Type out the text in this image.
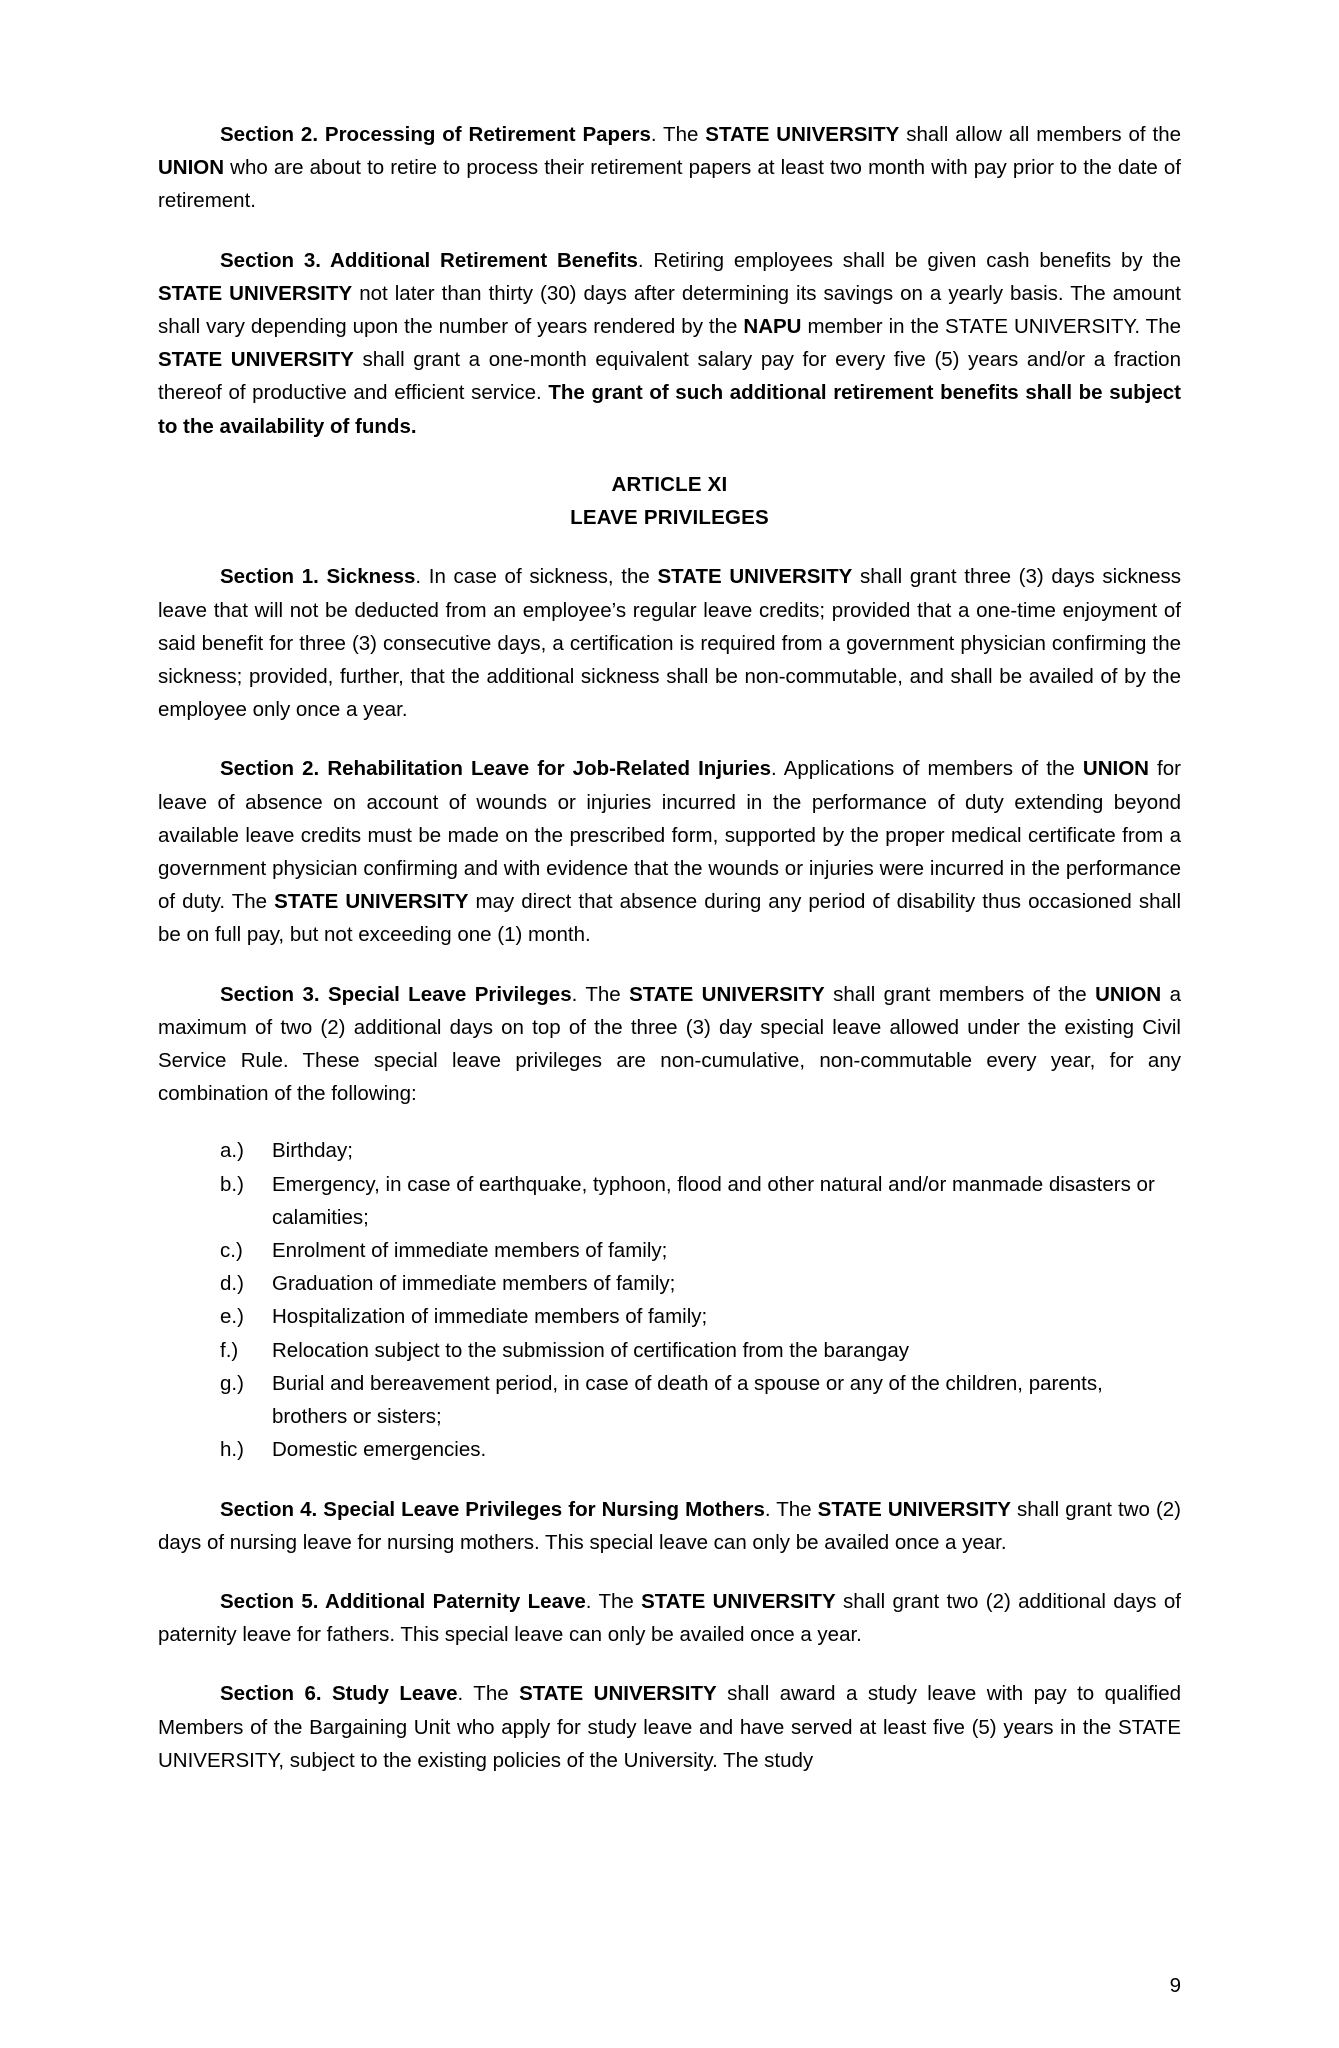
Section 2. Processing of Retirement Papers. The STATE UNIVERSITY shall allow all members of the UNION who are about to retire to process their retirement papers at least two month with pay prior to the date of retirement.

Section 3. Additional Retirement Benefits. Retiring employees shall be given cash benefits by the STATE UNIVERSITY not later than thirty (30) days after determining its savings on a yearly basis. The amount shall vary depending upon the number of years rendered by the NAPU member in the STATE UNIVERSITY. The STATE UNIVERSITY shall grant a one-month equivalent salary pay for every five (5) years and/or a fraction thereof of productive and efficient service. The grant of such additional retirement benefits shall be subject to the availability of funds.

ARTICLE XI
LEAVE PRIVILEGES

Section 1. Sickness. In case of sickness, the STATE UNIVERSITY shall grant three (3) days sickness leave that will not be deducted from an employee’s regular leave credits; provided that a one-time enjoyment of said benefit for three (3) consecutive days, a certification is required from a government physician confirming the sickness; provided, further, that the additional sickness shall be non-commutable, and shall be availed of by the employee only once a year.

Section 2. Rehabilitation Leave for Job-Related Injuries. Applications of members of the UNION for leave of absence on account of wounds or injuries incurred in the performance of duty extending beyond available leave credits must be made on the prescribed form, supported by the proper medical certificate from a government physician confirming and with evidence that the wounds or injuries were incurred in the performance of duty. The STATE UNIVERSITY may direct that absence during any period of disability thus occasioned shall be on full pay, but not exceeding one (1) month.

Section 3. Special Leave Privileges. The STATE UNIVERSITY shall grant members of the UNION a maximum of two (2) additional days on top of the three (3) day special leave allowed under the existing Civil Service Rule. These special leave privileges are non-cumulative, non-commutable every year, for any combination of the following:

a.)	Birthday;
b.)	Emergency, in case of earthquake, typhoon, flood and other natural and/or manmade disasters or calamities;
c.)	Enrolment of immediate members of family;
d.)	Graduation of immediate members of family;
e.)	Hospitalization of immediate members of family;
f.)	Relocation subject to the submission of certification from the barangay
g.)	Burial and bereavement period, in case of death of a spouse or any of the children, parents, brothers or sisters;
h.)	Domestic emergencies.

Section 4. Special Leave Privileges for Nursing Mothers. The STATE UNIVERSITY shall grant two (2) days of nursing leave for nursing mothers. This special leave can only be availed once a year.

Section 5. Additional Paternity Leave. The STATE UNIVERSITY shall grant two (2) additional days of paternity leave for fathers. This special leave can only be availed once a year.

Section 6. Study Leave. The STATE UNIVERSITY shall award a study leave with pay to qualified Members of the Bargaining Unit who apply for study leave and have served at least five (5) years in the STATE UNIVERSITY, subject to the existing policies of the University. The study

9
